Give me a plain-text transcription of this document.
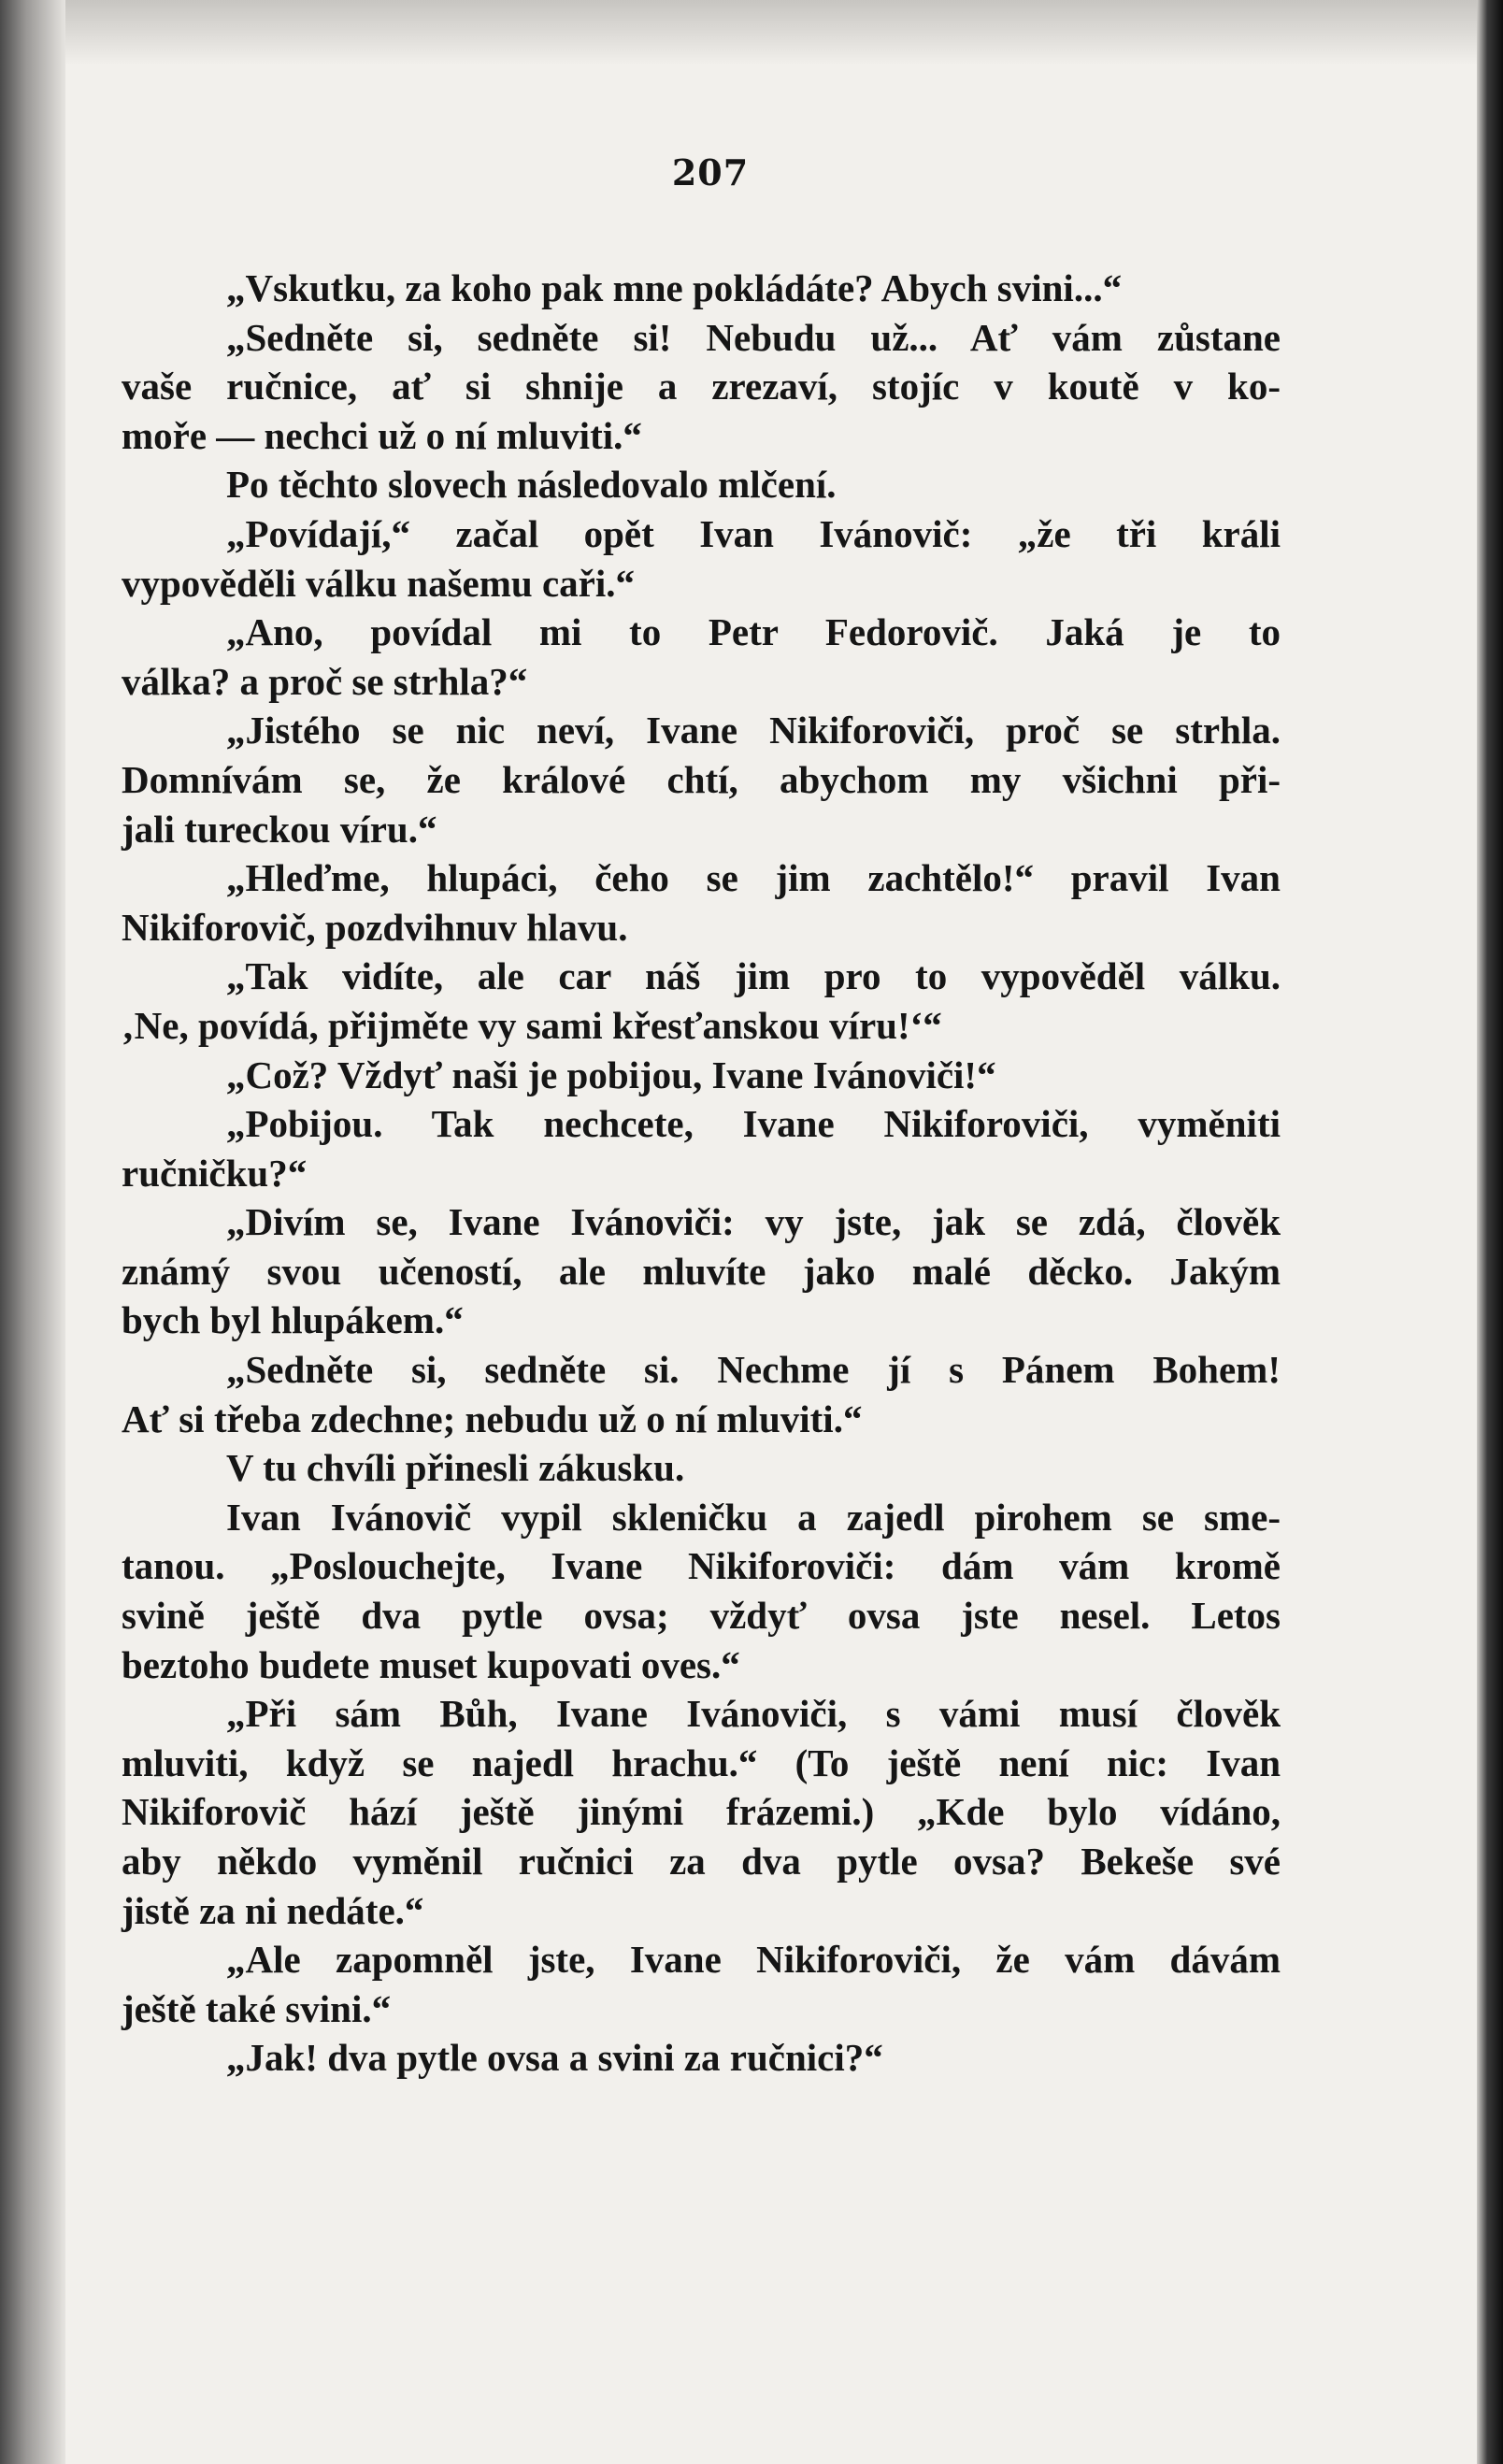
207
„Vskutku, za koho pak mne pokládáte? Abych svini...“
„Sedněte si, sedněte si! Nebudu už... Ať vám zůstane
vaše ručnice, ať si shnije a zrezaví, stojíc v koutě v ko-
moře — nechci už o ní mluviti.“
Po těchto slovech následovalo mlčení.
„Povídají,“ začal opět Ivan Ivánovič: „že tři králi
vypověděli válku našemu caři.“
„Ano, povídal mi to Petr Fedorovič. Jaká je to
válka? a proč se strhla?“
„Jistého se nic neví, Ivane Nikiforoviči, proč se strhla.
Domnívám se, že králové chtí, abychom my všichni při-
jali tureckou víru.“
„Hleďme, hlupáci, čeho se jim zachtělo!“ pravil Ivan
Nikiforovič, pozdvihnuv hlavu.
„Tak vidíte, ale car náš jim pro to vypověděl válku.
‚Ne, povídá, přijměte vy sami křesťanskou víru!‘“
„Což? Vždyť naši je pobijou, Ivane Ivánoviči!“
„Pobijou. Tak nechcete, Ivane Nikiforoviči, vyměniti
ručničku?“
„Divím se, Ivane Ivánoviči: vy jste, jak se zdá, člověk
známý svou učeností, ale mluvíte jako malé děcko. Jakým
bych byl hlupákem.“
„Sedněte si, sedněte si. Nechme jí s Pánem Bohem!
Ať si třeba zdechne; nebudu už o ní mluviti.“
V tu chvíli přinesli zákusku.
Ivan Ivánovič vypil skleničku a zajedl pirohem se sme-
tanou. „Poslouchejte, Ivane Nikiforoviči: dám vám kromě
svině ještě dva pytle ovsa; vždyť ovsa jste nesel. Letos
beztoho budete muset kupovati oves.“
„Při sám Bůh, Ivane Ivánoviči, s vámi musí člověk
mluviti, když se najedl hrachu.“ (To ještě není nic: Ivan
Nikiforovič hází ještě jinými frázemi.) „Kde bylo vídáno,
aby někdo vyměnil ručnici za dva pytle ovsa? Bekeše své
jistě za ni nedáte.“
„Ale zapomněl jste, Ivane Nikiforoviči, že vám dávám
ještě také svini.“
„Jak! dva pytle ovsa a svini za ručnici?“
